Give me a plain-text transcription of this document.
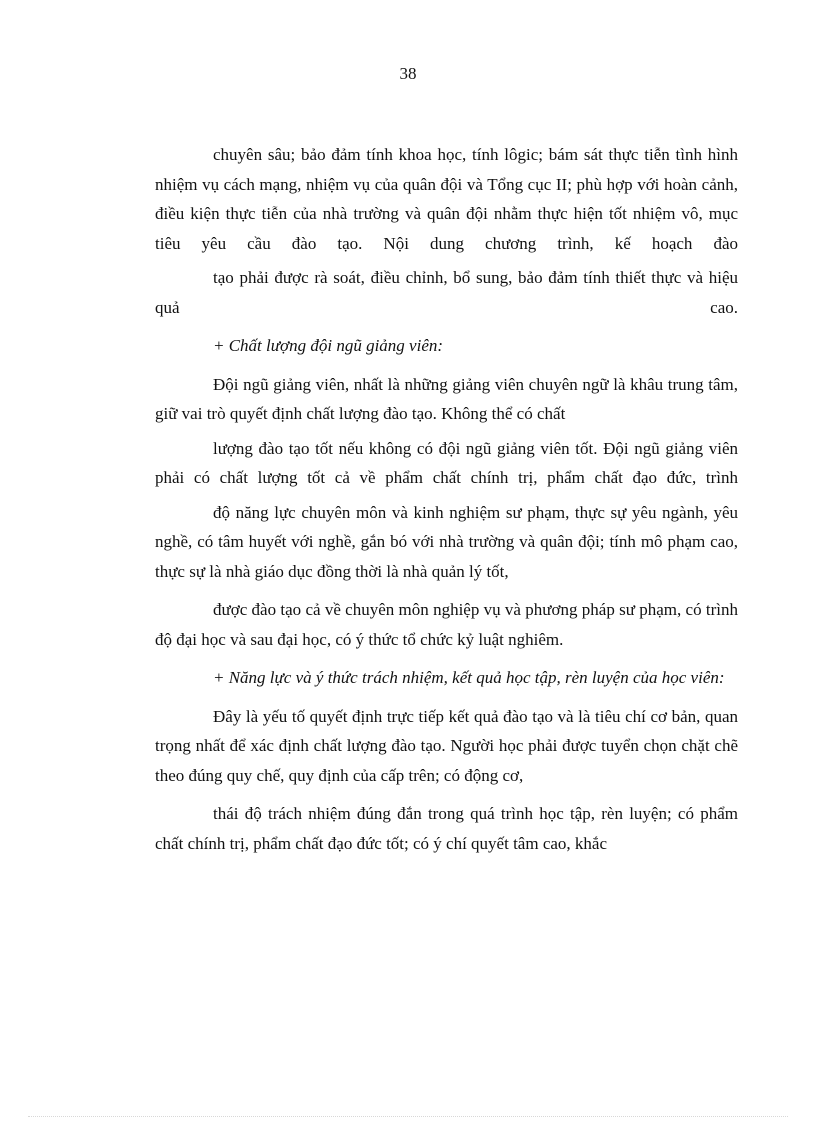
38

chuyên sâu; bảo đảm tính khoa học, tính lôgic; bám sát thực tiễn tình hình nhiệm vụ cách mạng, nhiệm vụ của quân đội và Tổng cục II; phù hợp với hoàn cảnh, điều kiện thực tiễn của nhà trường và quân đội nhằm thực hiện tốt nhiệm vô, mục tiêu yêu cầu đào tạo. Nội dung chương trình, kế hoạch đào

tạo phải được rà soát, điều chỉnh, bổ sung, bảo đảm tính thiết thực và hiệu quả cao.

+ Chất lượng đội ngũ giảng viên:

Đội ngũ giảng viên, nhất là những giảng viên chuyên ngữ là khâu trung tâm, giữ vai trò quyết định chất lượng đào tạo. Không thể có chất

lượng đào tạo tốt nếu không có đội ngũ giảng viên tốt. Đội ngũ giảng viên phải có chất lượng tốt cả về phẩm chất chính trị, phẩm chất đạo đức, trình

độ năng lực chuyên môn và kinh nghiệm sư phạm, thực sự yêu ngành, yêu nghề, có tâm huyết với nghề, gắn bó với nhà trường và quân đội; tính mô phạm cao, thực sự là nhà giáo dục đồng thời là nhà quản lý tốt,

được đào tạo cả về chuyên môn nghiệp vụ và phương pháp sư phạm, có trình độ đại học và sau đại học, có ý thức tổ chức kỷ luật nghiêm.

+ Năng lực và ý thức trách nhiệm, kết quả học tập, rèn luyện của học viên:

Đây là yếu tố quyết định trực tiếp kết quả đào tạo và là tiêu chí cơ bản, quan trọng nhất để xác định chất lượng đào tạo. Người học phải được tuyển chọn chặt chẽ theo đúng quy chế, quy định của cấp trên; có động cơ,

thái độ trách nhiệm đúng đắn trong quá trình học tập, rèn luyện; có phẩm chất chính trị, phẩm chất đạo đức tốt; có ý chí quyết tâm cao, khắc
